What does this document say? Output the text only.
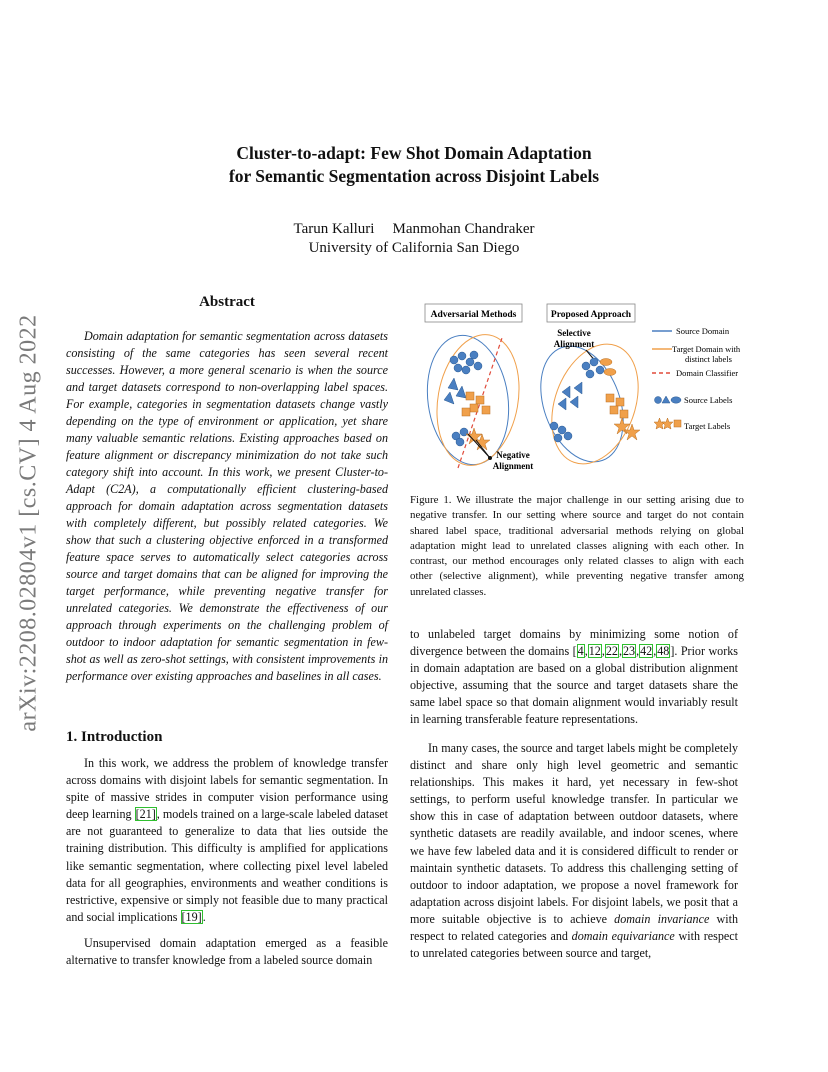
Cluster-to-adapt: Few Shot Domain Adaptation
for Semantic Segmentation across Disjoint Labels
Tarun Kalluri Manmohan Chandraker
University of California San Diego
arXiv:2208.02804v1 [cs.CV] 4 Aug 2022
Abstract

Domain adaptation for semantic segmentation across datasets consisting of the same categories has seen several recent successes. However, a more general scenario is when the source and target datasets correspond to non-overlapping label spaces. For example, categories in segmentation datasets change vastly depending on the type of environment or application, yet share many valuable semantic relations. Existing approaches based on feature alignment or discrepancy minimization do not take such category shift into account. In this work, we present Cluster-to-Adapt (C2A), a computationally efficient clustering-based approach for domain adaptation across segmentation datasets with completely different, but possibly related categories. We show that such a clustering objective enforced in a transformed feature space serves to automatically select categories across source and target domains that can be aligned for improving the target performance, while preventing negative transfer for unrelated categories. We demonstrate the effectiveness of our approach through experiments on the challenging problem of outdoor to indoor adaptation for semantic segmentation in few-shot as well as zero-shot settings, with consistent improvements in performance over existing approaches and baselines in all cases.

1. Introduction

In this work, we address the problem of knowledge transfer across domains with disjoint labels for semantic segmentation. In spite of massive strides in computer vision performance using deep learning [21], models trained on a large-scale labeled dataset are not guaranteed to generalize to data that lies outside the training distribution. This difficulty is amplified for applications like semantic segmentation, where collecting pixel level labeled data for all geographies, environments and weather conditions is restrictive, expensive or simply not feasible due to many practical and social implications [19].

Unsupervised domain adaptation emerged as a feasible alternative to transfer knowledge from a labeled source domain

to unlabeled target domains by minimizing some notion of divergence between the domains [4,12,22,23,42,48]. Prior works in domain adaptation are based on a global distribution alignment objective, assuming that the source and target datasets share the same label space so that domain alignment would invariably result in learning transferable feature representations.

In many cases, the source and target labels might be completely distinct and share only high level geometric and semantic relationships. This makes it hard, yet necessary in few-shot settings, to perform useful knowledge transfer. In particular we show this in case of adaptation between outdoor datasets, where synthetic datasets are readily available, and indoor scenes, where we have few labeled data and it is considered difficult to render or maintain synthetic datasets. To address this challenging setting of outdoor to indoor adaptation, we propose a novel framework for adaptation across disjoint labels. For disjoint labels, we posit that a more suitable objective is to achieve domain invariance with respect to related categories and domain equivariance with respect to unrelated categories between source and target,

Adversarial Methods	Proposed Approach
Negative
Alignment
Selective
Alignment
Source Domain
Target Domain with
distinct labels
Domain Classifier
Source Labels
Target Labels

Figure 1. We illustrate the major challenge in our setting arising due to negative transfer. In our setting where source and target do not contain shared label space, traditional adversarial methods relying on global adaptation might lead to unrelated classes aligning with each other. In contrast, our method encourages only related classes to align with each other (selective alignment), while preventing negative transfer among unrelated classes.
